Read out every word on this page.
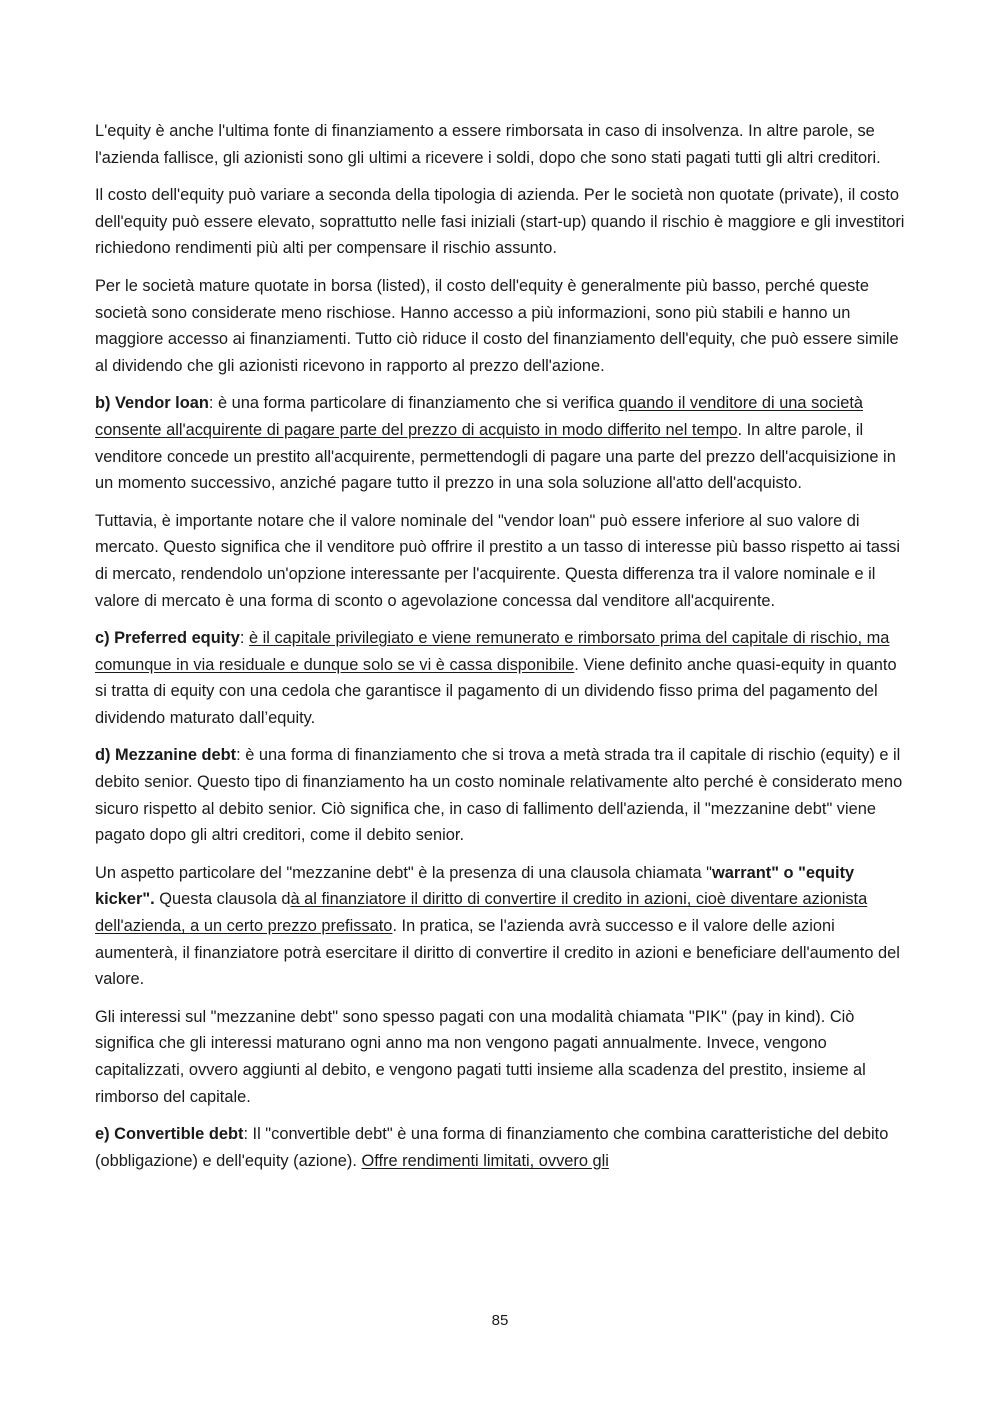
L'equity è anche l'ultima fonte di finanziamento a essere rimborsata in caso di insolvenza. In altre parole, se l'azienda fallisce, gli azionisti sono gli ultimi a ricevere i soldi, dopo che sono stati pagati tutti gli altri creditori.

Il costo dell'equity può variare a seconda della tipologia di azienda. Per le società non quotate (private), il costo dell'equity può essere elevato, soprattutto nelle fasi iniziali (start-up) quando il rischio è maggiore e gli investitori richiedono rendimenti più alti per compensare il rischio assunto.

Per le società mature quotate in borsa (listed), il costo dell'equity è generalmente più basso, perché queste società sono considerate meno rischiose. Hanno accesso a più informazioni, sono più stabili e hanno un maggiore accesso ai finanziamenti. Tutto ciò riduce il costo del finanziamento dell'equity, che può essere simile al dividendo che gli azionisti ricevono in rapporto al prezzo dell'azione.

b) Vendor loan: è una forma particolare di finanziamento che si verifica quando il venditore di una società consente all'acquirente di pagare parte del prezzo di acquisto in modo differito nel tempo. In altre parole, il venditore concede un prestito all'acquirente, permettendogli di pagare una parte del prezzo dell'acquisizione in un momento successivo, anziché pagare tutto il prezzo in una sola soluzione all'atto dell'acquisto.

Tuttavia, è importante notare che il valore nominale del "vendor loan" può essere inferiore al suo valore di mercato. Questo significa che il venditore può offrire il prestito a un tasso di interesse più basso rispetto ai tassi di mercato, rendendolo un'opzione interessante per l'acquirente. Questa differenza tra il valore nominale e il valore di mercato è una forma di sconto o agevolazione concessa dal venditore all'acquirente.

c) Preferred equity: è il capitale privilegiato e viene remunerato e rimborsato prima del capitale di rischio, ma comunque in via residuale e dunque solo se vi è cassa disponibile. Viene definito anche quasi-equity in quanto si tratta di equity con una cedola che garantisce il pagamento di un dividendo fisso prima del pagamento del dividendo maturato dall’equity.

d) Mezzanine debt: è una forma di finanziamento che si trova a metà strada tra il capitale di rischio (equity) e il debito senior. Questo tipo di finanziamento ha un costo nominale relativamente alto perché è considerato meno sicuro rispetto al debito senior. Ciò significa che, in caso di fallimento dell'azienda, il "mezzanine debt" viene pagato dopo gli altri creditori, come il debito senior.

Un aspetto particolare del "mezzanine debt" è la presenza di una clausola chiamata "warrant" o "equity kicker". Questa clausola dà al finanziatore il diritto di convertire il credito in azioni, cioè diventare azionista dell'azienda, a un certo prezzo prefissato. In pratica, se l'azienda avrà successo e il valore delle azioni aumenterà, il finanziatore potrà esercitare il diritto di convertire il credito in azioni e beneficiare dell'aumento del valore.

Gli interessi sul "mezzanine debt" sono spesso pagati con una modalità chiamata "PIK" (pay in kind). Ciò significa che gli interessi maturano ogni anno ma non vengono pagati annualmente. Invece, vengono capitalizzati, ovvero aggiunti al debito, e vengono pagati tutti insieme alla scadenza del prestito, insieme al rimborso del capitale.

e) Convertible debt: Il "convertible debt" è una forma di finanziamento che combina caratteristiche del debito (obbligazione) e dell'equity (azione). Offre rendimenti limitati, ovvero gli

85
